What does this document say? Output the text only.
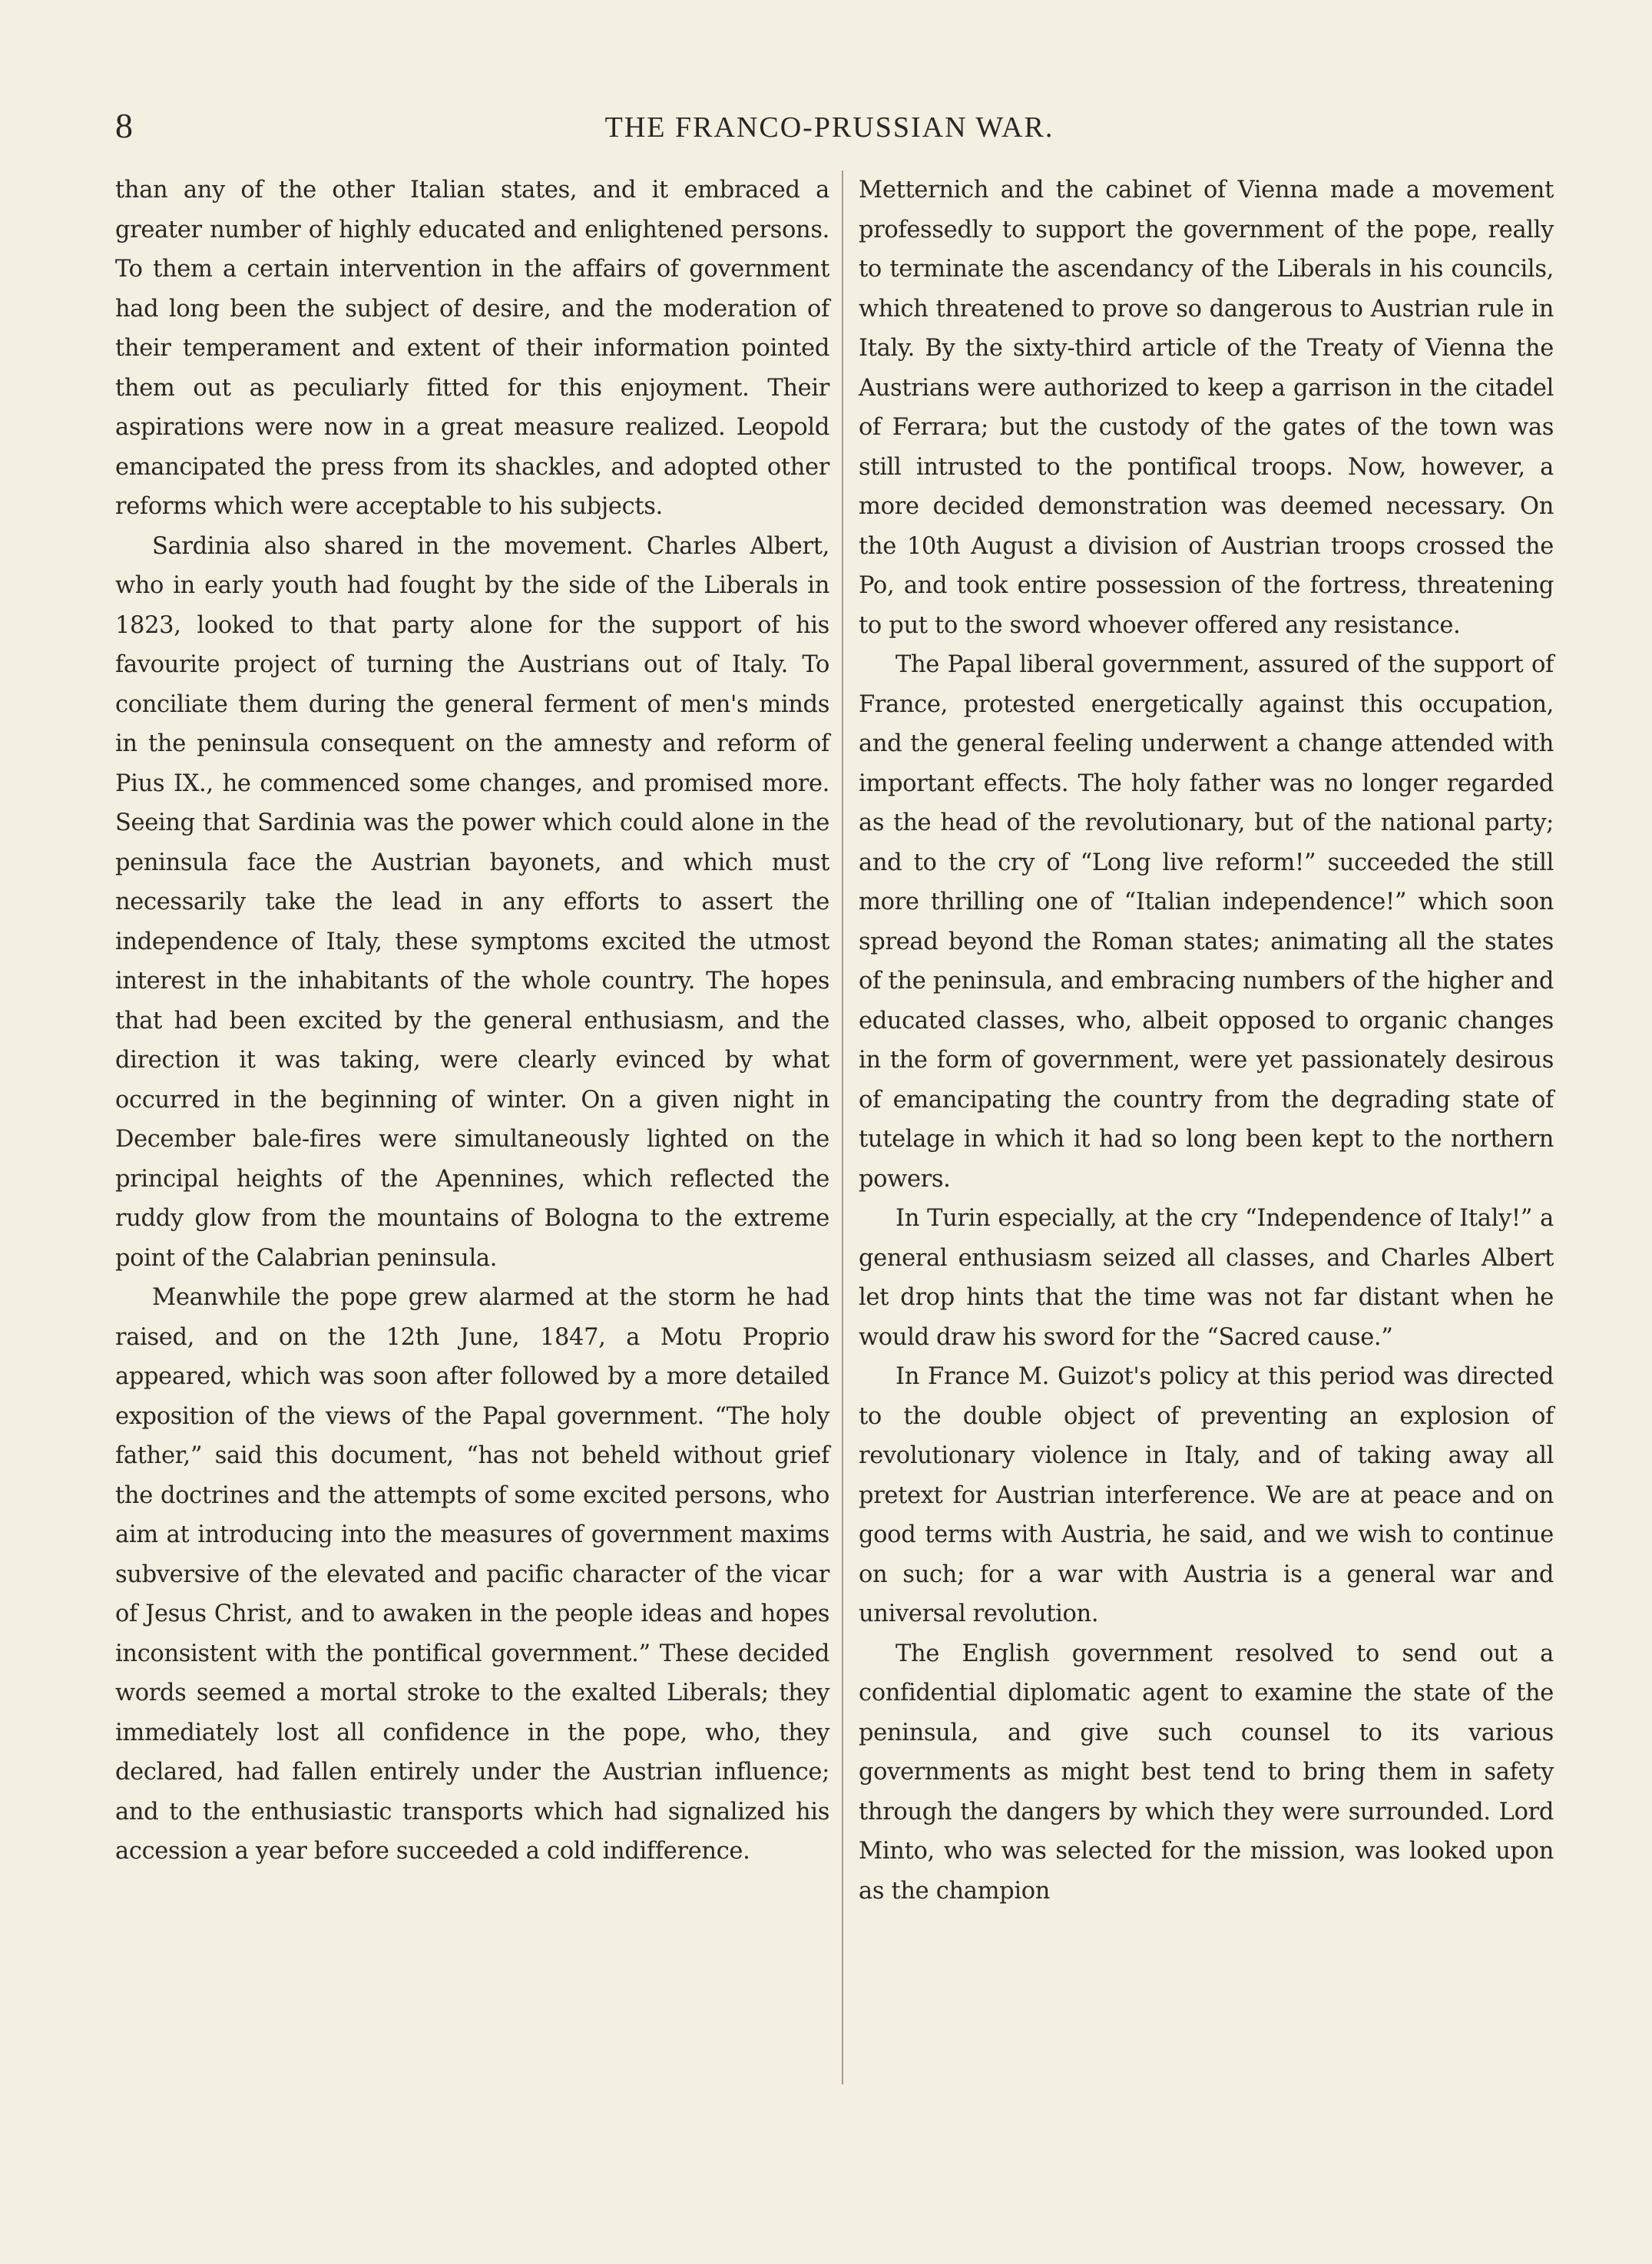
8	THE FRANCO-PRUSSIAN WAR.

than any of the other Italian states, and it embraced a greater number of highly educated and enlightened persons. To them a certain intervention in the affairs of government had long been the subject of desire, and the moderation of their temperament and extent of their information pointed them out as peculiarly fitted for this enjoyment. Their aspirations were now in a great measure realized. Leopold emancipated the press from its shackles, and adopted other reforms which were acceptable to his subjects.

Sardinia also shared in the movement. Charles Albert, who in early youth had fought by the side of the Liberals in 1823, looked to that party alone for the support of his favourite project of turning the Austrians out of Italy. To conciliate them during the general ferment of men's minds in the peninsula consequent on the amnesty and reform of Pius IX., he commenced some changes, and promised more. Seeing that Sardinia was the power which could alone in the peninsula face the Austrian bayonets, and which must necessarily take the lead in any efforts to assert the independence of Italy, these symptoms excited the utmost interest in the inhabitants of the whole country. The hopes that had been excited by the general enthusiasm, and the direction it was taking, were clearly evinced by what occurred in the beginning of winter. On a given night in December bale-fires were simultaneously lighted on the principal heights of the Apennines, which reflected the ruddy glow from the mountains of Bologna to the extreme point of the Calabrian peninsula.

Meanwhile the pope grew alarmed at the storm he had raised, and on the 12th June, 1847, a Motu Proprio appeared, which was soon after followed by a more detailed exposition of the views of the Papal government. “The holy father,” said this document, “has not beheld without grief the doctrines and the attempts of some excited persons, who aim at introducing into the measures of government maxims subversive of the elevated and pacific character of the vicar of Jesus Christ, and to awaken in the people ideas and hopes inconsistent with the pontifical government.” These decided words seemed a mortal stroke to the exalted Liberals; they immediately lost all confidence in the pope, who, they declared, had fallen entirely under the Austrian influence; and to the enthusiastic transports which had signalized his accession a year before succeeded a cold indifference.

Metternich and the cabinet of Vienna made a movement professedly to support the government of the pope, really to terminate the ascendancy of the Liberals in his councils, which threatened to prove so dangerous to Austrian rule in Italy. By the sixty-third article of the Treaty of Vienna the Austrians were authorized to keep a garrison in the citadel of Ferrara; but the custody of the gates of the town was still intrusted to the pontifical troops. Now, however, a more decided demonstration was deemed necessary. On the 10th August a division of Austrian troops crossed the Po, and took entire possession of the fortress, threatening to put to the sword whoever offered any resistance.

The Papal liberal government, assured of the support of France, protested energetically against this occupation, and the general feeling underwent a change attended with important effects. The holy father was no longer regarded as the head of the revolutionary, but of the national party; and to the cry of “Long live reform!” succeeded the still more thrilling one of “Italian independence!” which soon spread beyond the Roman states; animating all the states of the peninsula, and embracing numbers of the higher and educated classes, who, albeit opposed to organic changes in the form of government, were yet passionately desirous of emancipating the country from the degrading state of tutelage in which it had so long been kept to the northern powers.

In Turin especially, at the cry “Independence of Italy!” a general enthusiasm seized all classes, and Charles Albert let drop hints that the time was not far distant when he would draw his sword for the “Sacred cause.”

In France M. Guizot's policy at this period was directed to the double object of preventing an explosion of revolutionary violence in Italy, and of taking away all pretext for Austrian interference. We are at peace and on good terms with Austria, he said, and we wish to continue on such; for a war with Austria is a general war and universal revolution.

The English government resolved to send out a confidential diplomatic agent to examine the state of the peninsula, and give such counsel to its various governments as might best tend to bring them in safety through the dangers by which they were surrounded. Lord Minto, who was selected for the mission, was looked upon as the champion
